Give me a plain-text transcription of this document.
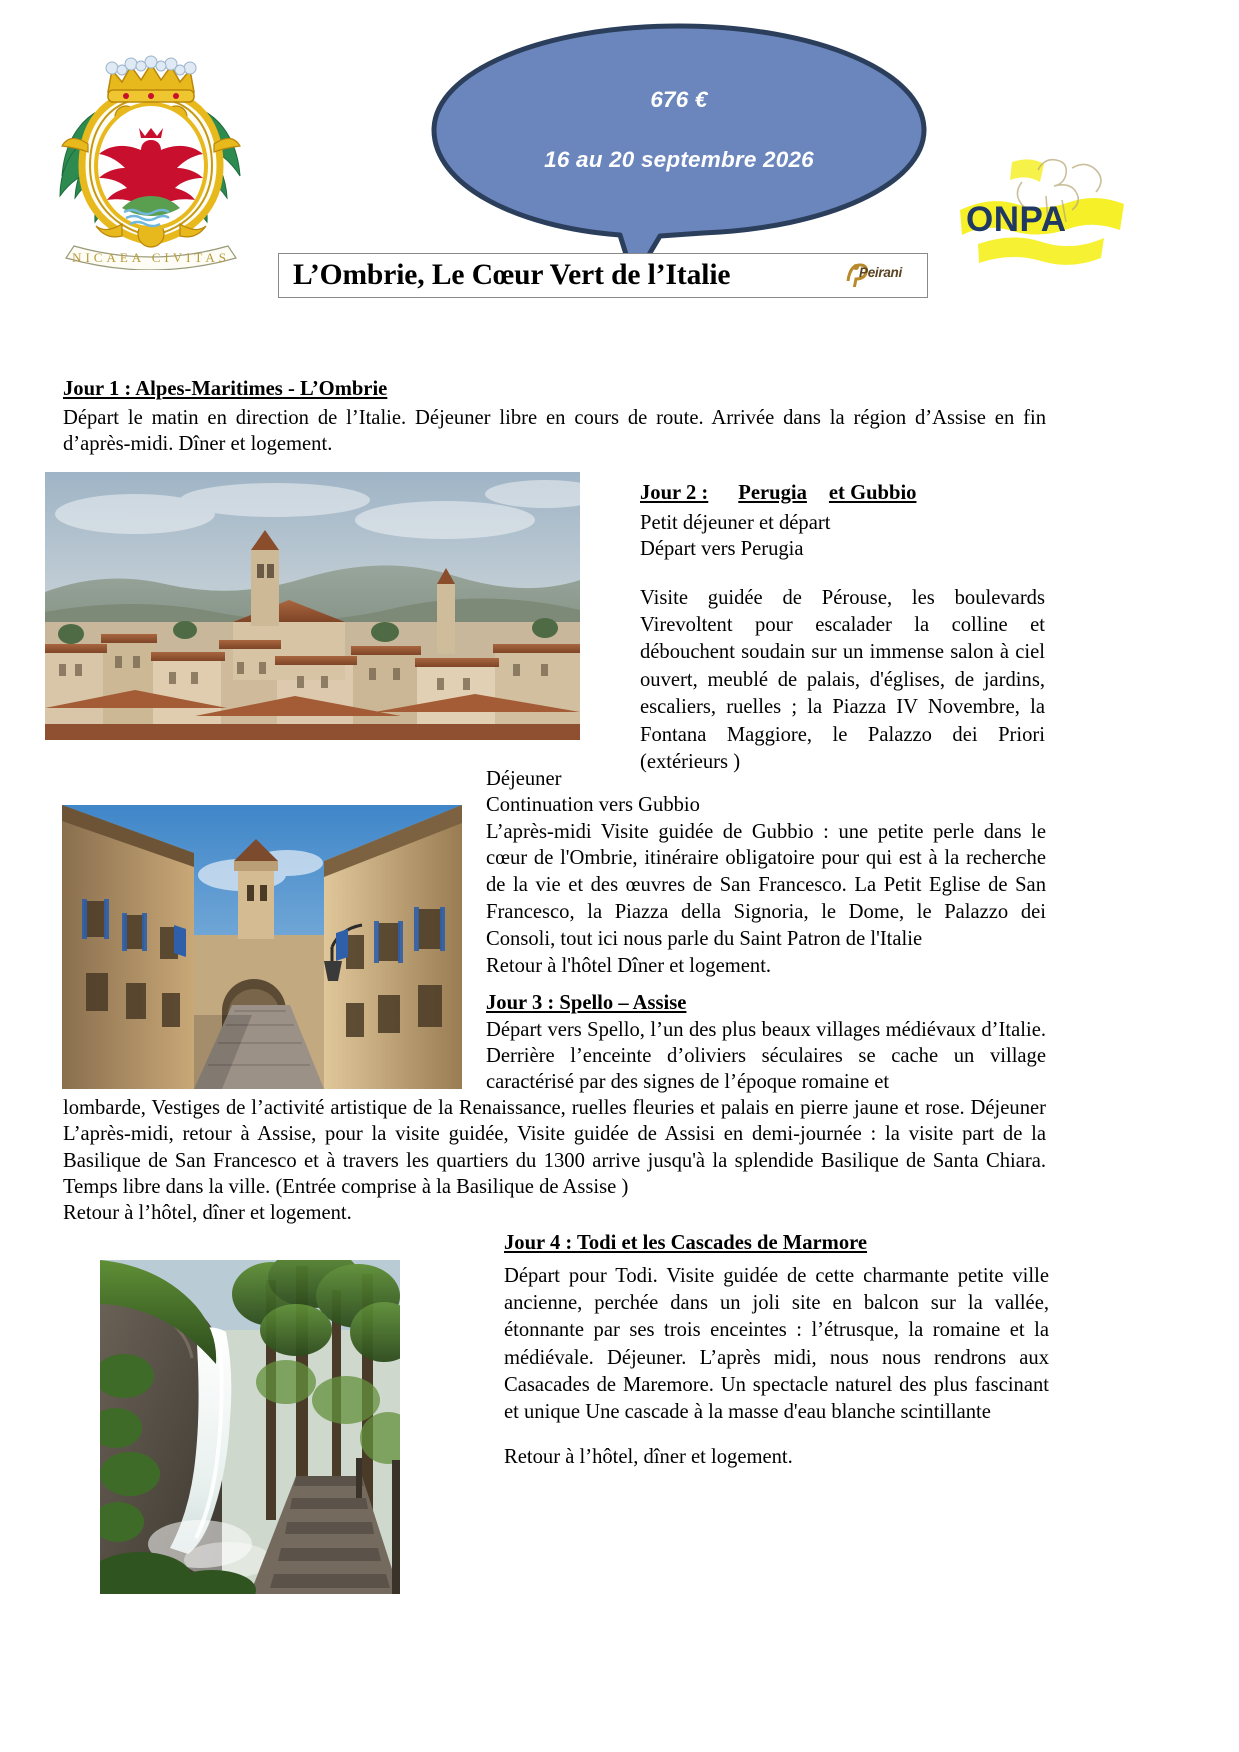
NICAEA CIVITAS
676 €
16 au 20 septembre 2026
ONPA
L’Ombrie, Le Cœur Vert de l’Italie	Peirani
Jour 1 : Alpes-Maritimes - L’Ombrie
Départ le matin en direction de l’Italie. Déjeuner libre en cours de route. Arrivée dans la région d’Assise en fin d’après-midi. Dîner et logement.
Jour 2 : Perugia et Gubbio
Petit déjeuner et départ
Départ vers Perugia
Visite guidée de Pérouse, les boulevards Virevoltent pour escalader la colline et débouchent soudain sur un immense salon à ciel ouvert, meublé de palais, d'églises, de jardins, escaliers, ruelles ; la Piazza IV Novembre, la Fontana Maggiore, le Palazzo dei Priori (extérieurs )
Déjeuner
Continuation vers Gubbio
L’après-midi Visite guidée de Gubbio : une petite perle dans le cœur de l'Ombrie, itinéraire obligatoire pour qui est à la recherche de la vie et des œuvres de San Francesco. La Petit Eglise de San Francesco, la Piazza della Signoria, le Dome, le Palazzo dei Consoli, tout ici nous parle du Saint Patron de l'Italie
Retour à l'hôtel Dîner et logement.
Jour 3 : Spello – Assise
Départ vers Spello, l’un des plus beaux villages médiévaux d’Italie. Derrière l’enceinte d’oliviers séculaires se cache un village caractérisé par des signes de l’époque romaine et
lombarde, Vestiges de l’activité artistique de la Renaissance, ruelles fleuries et palais en pierre jaune et rose. Déjeuner L’après-midi, retour à Assise, pour la visite guidée, Visite guidée de Assisi en demi-journée : la visite part de la Basilique de San Francesco et à travers les quartiers du 1300 arrive jusqu'à la splendide Basilique de Santa Chiara. Temps libre dans la ville. (Entrée comprise à la Basilique de Assise )
Retour à l’hôtel, dîner et logement.
Jour 4 : Todi et les Cascades de Marmore
Départ pour Todi. Visite guidée de cette charmante petite ville ancienne, perchée dans un joli site en balcon sur la vallée, étonnante par ses trois enceintes : l’étrusque, la romaine et la médiévale. Déjeuner. L’après midi, nous nous rendrons aux Casacades de Maremore. Un spectacle naturel des plus fascinant et unique Une cascade à la masse d'eau blanche scintillante
Retour à l’hôtel, dîner et logement.
